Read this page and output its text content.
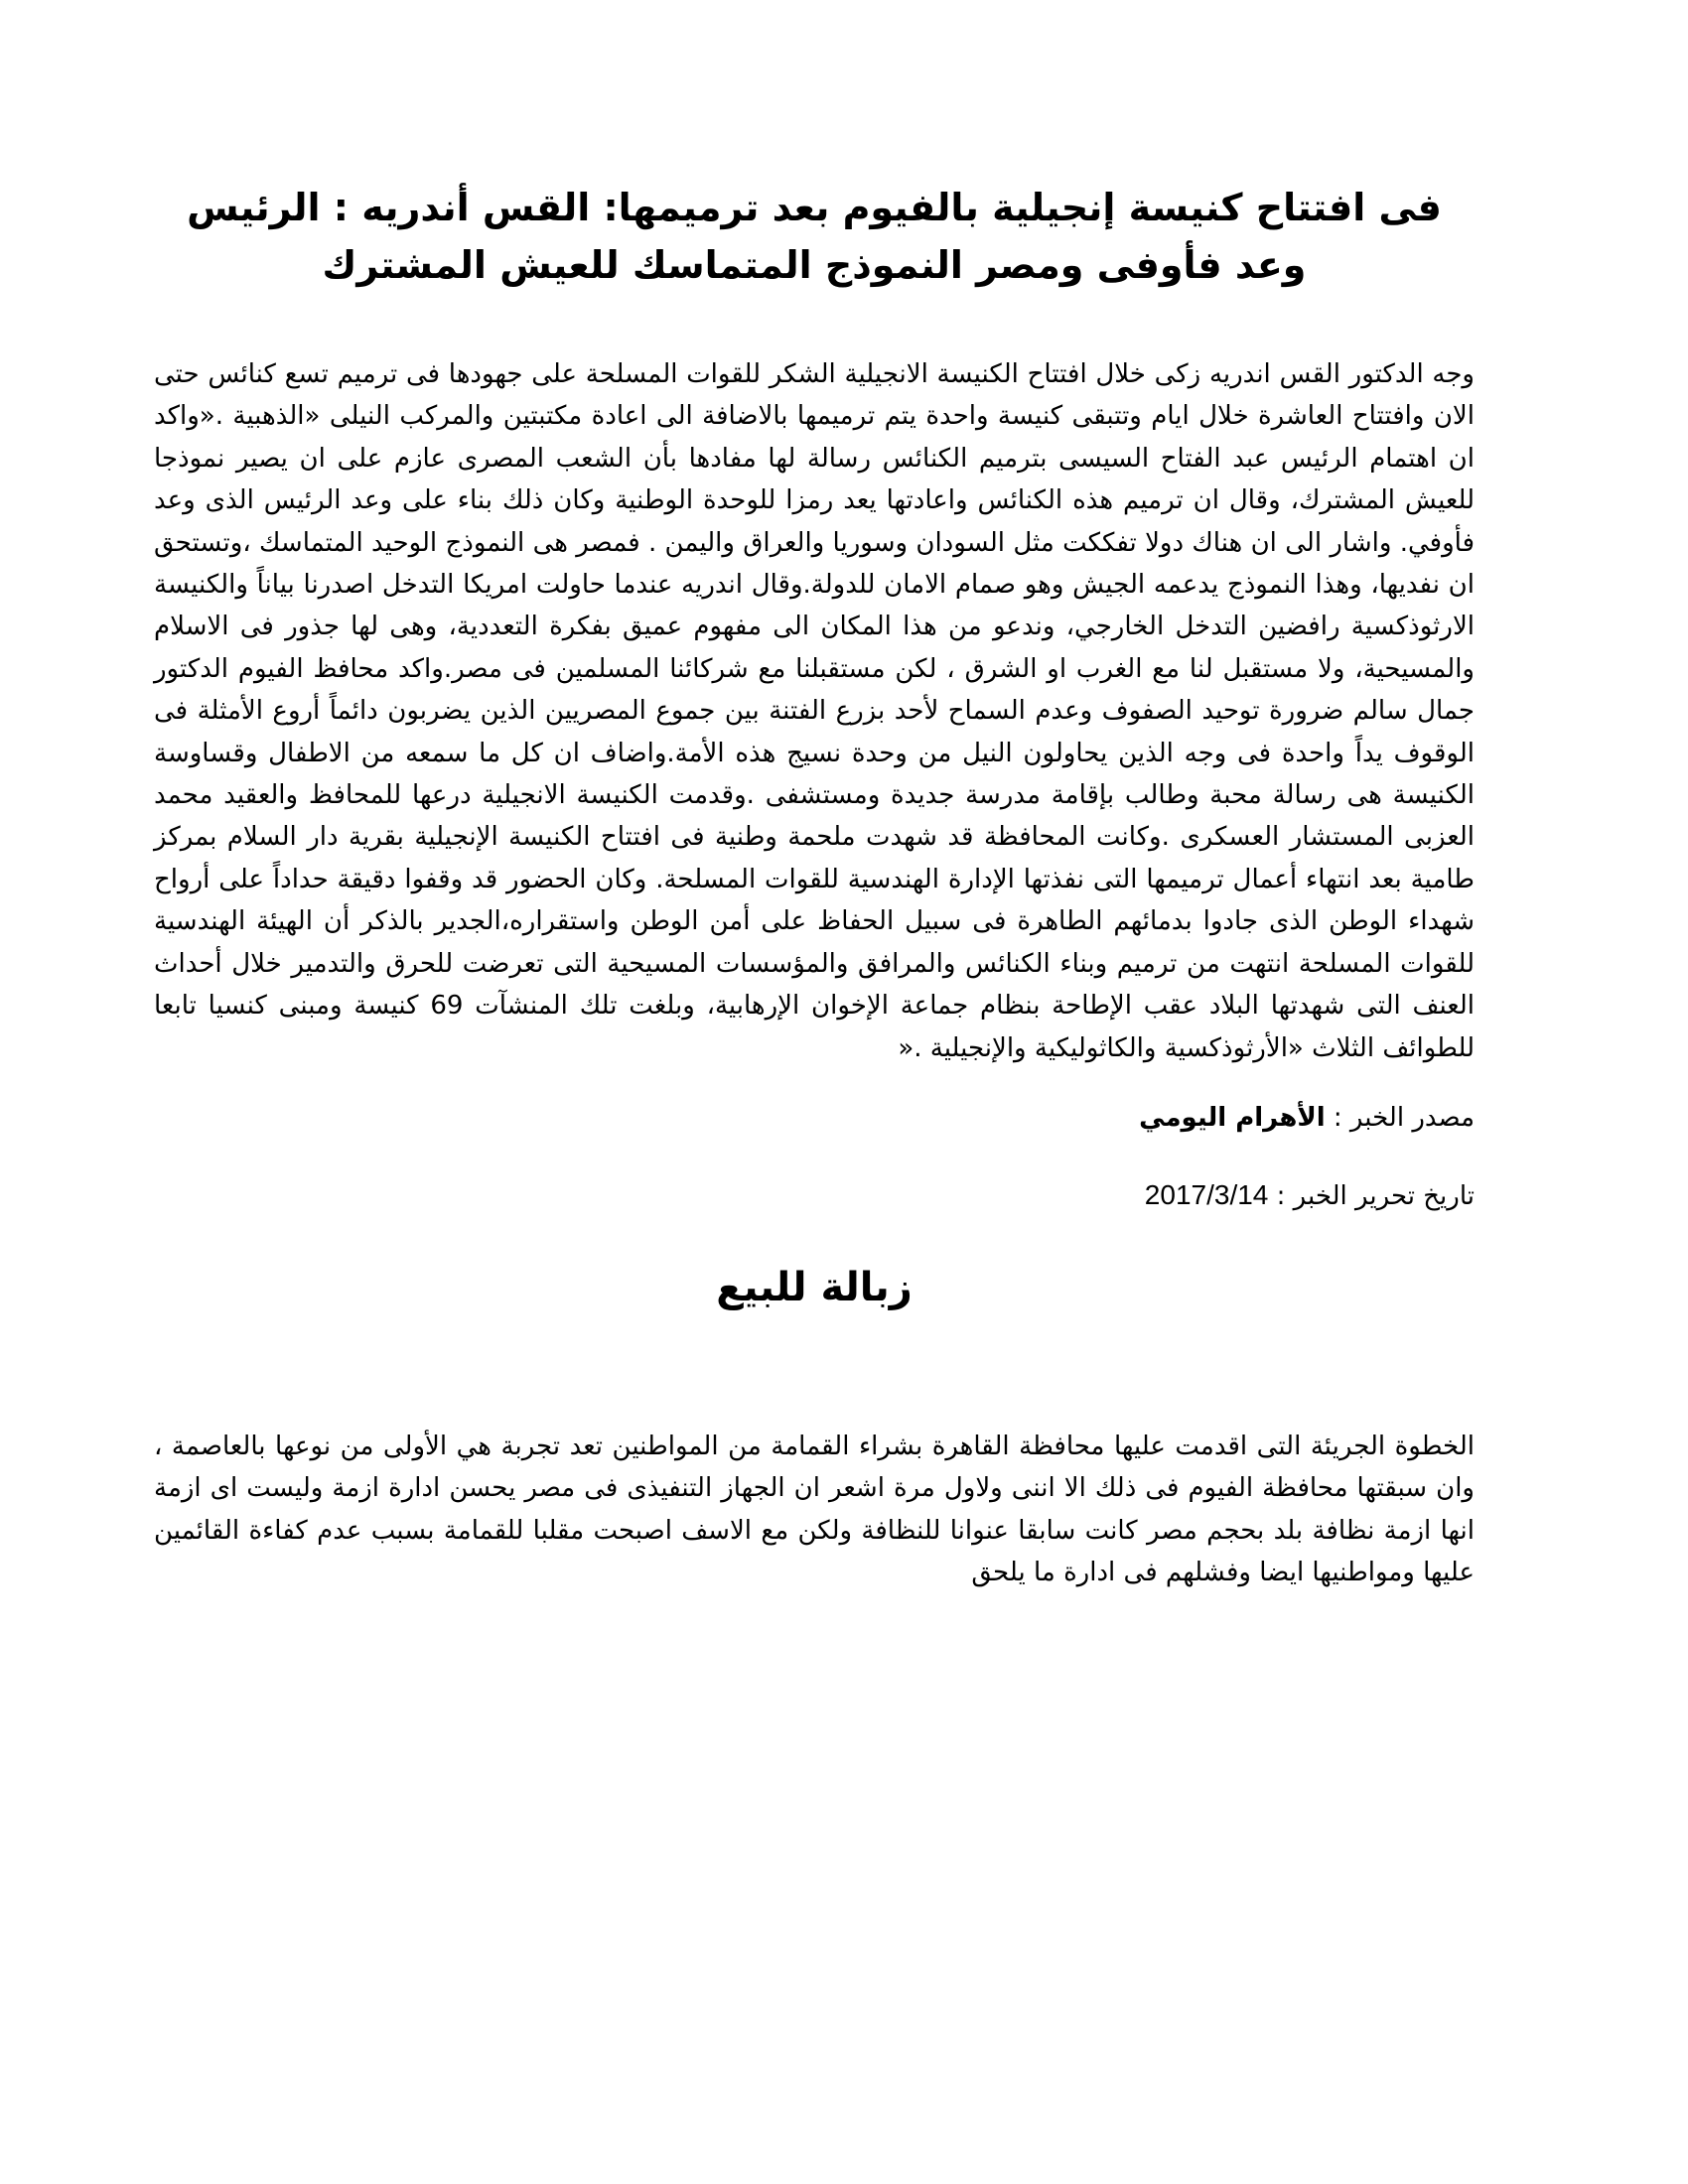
فى افتتاح كنيسة إنجيلية بالفيوم بعد ترميمها: القس أندريه : الرئيس وعد فأوفى ومصر النموذج المتماسك للعيش المشترك

وجه الدكتور القس اندريه زكى خلال افتتاح الكنيسة الانجيلية الشكر للقوات المسلحة على جهودها فى ترميم تسع كنائس حتى الان وافتتاح العاشرة خلال ايام وتتبقى كنيسة واحدة يتم ترميمها بالاضافة الى اعادة مكتبتين والمركب النيلى «الذهبية .«واكد ان اهتمام الرئيس عبد الفتاح السيسى بترميم الكنائس رسالة لها مفادها بأن الشعب المصرى عازم على ان يصير نموذجا للعيش المشترك، وقال ان ترميم هذه الكنائس واعادتها يعد رمزا للوحدة الوطنية وكان ذلك بناء على وعد الرئيس الذى وعد فأوفي. واشار الى ان هناك دولا تفككت مثل السودان وسوريا والعراق واليمن . فمصر هى النموذج الوحيد المتماسك ،وتستحق ان نفديها، وهذا النموذج يدعمه الجيش وهو صمام الامان للدولة.وقال اندريه عندما حاولت امريكا التدخل اصدرنا بياناً والكنيسة الارثوذكسية رافضين التدخل الخارجي، وندعو من هذا المكان الى مفهوم عميق بفكرة التعددية، وهى لها جذور فى الاسلام والمسيحية، ولا مستقبل لنا مع الغرب او الشرق ، لكن مستقبلنا مع شركائنا المسلمين فى مصر.واكد محافظ الفيوم الدكتور جمال سالم ضرورة توحيد الصفوف وعدم السماح لأحد بزرع الفتنة بين جموع المصريين الذين يضربون دائماً أروع الأمثلة فى الوقوف يداً واحدة فى وجه الذين يحاولون النيل من وحدة نسيج هذه الأمة.واضاف ان كل ما سمعه من الاطفال وقساوسة الكنيسة هى رسالة محبة وطالب بإقامة مدرسة جديدة ومستشفى .وقدمت الكنيسة الانجيلية درعها للمحافظ والعقيد محمد العزبى المستشار العسكرى .وكانت المحافظة قد شهدت ملحمة وطنية فى افتتاح الكنيسة الإنجيلية بقرية دار السلام بمركز طامية بعد انتهاء أعمال ترميمها التى نفذتها الإدارة الهندسية للقوات المسلحة. وكان الحضور قد وقفوا دقيقة حداداً على أرواح شهداء الوطن الذى جادوا بدمائهم الطاهرة فى سبيل الحفاظ على أمن الوطن واستقراره،الجدير بالذكر أن الهيئة الهندسية للقوات المسلحة انتهت من ترميم وبناء الكنائس والمرافق والمؤسسات المسيحية التى تعرضت للحرق والتدمير خلال أحداث العنف التى شهدتها البلاد عقب الإطاحة بنظام جماعة الإخوان الإرهابية، وبلغت تلك المنشآت 69 كنيسة ومبنى كنسيا تابعا للطوائف الثلاث «الأرثوذكسية والكاثوليكية والإنجيلية .«

مصدر الخبر : الأهرام اليومي

تاريخ تحرير الخبر : 2017/3/14

زبالة للبيع

الخطوة الجريئة التى اقدمت عليها محافظة القاهرة بشراء القمامة من المواطنين تعد تجربة هي الأولى من نوعها بالعاصمة ، وان سبقتها محافظة الفيوم فى ذلك الا اننى ولاول مرة اشعر ان الجهاز التنفيذى فى مصر يحسن ادارة ازمة وليست اى ازمة انها ازمة نظافة بلد بحجم مصر كانت سابقا عنوانا للنظافة ولكن مع الاسف اصبحت مقلبا للقمامة بسبب عدم كفاءة القائمين عليها ومواطنيها ايضا وفشلهم فى ادارة ما يلحق
